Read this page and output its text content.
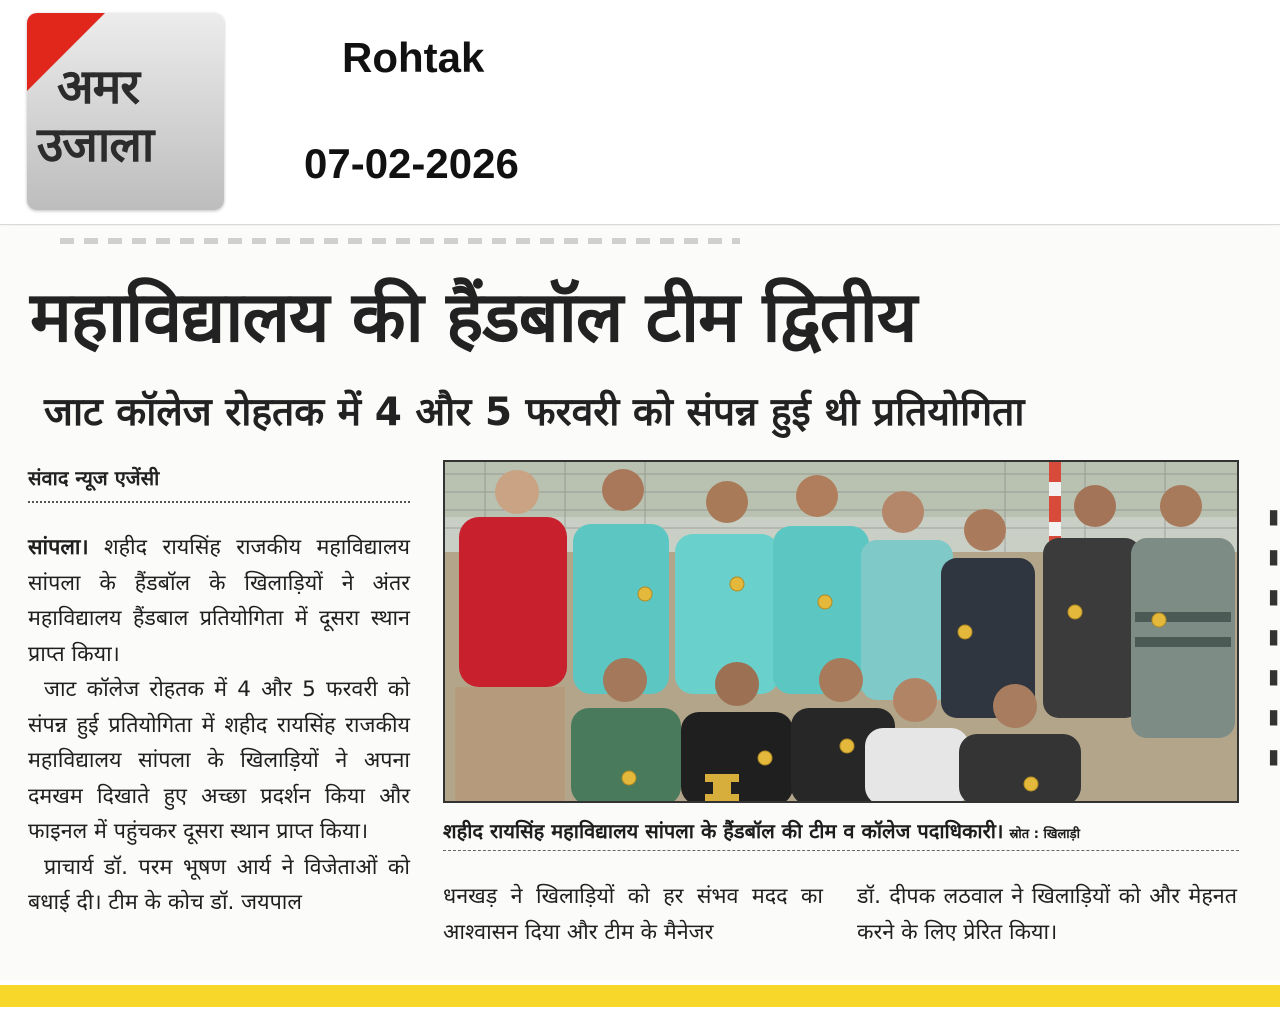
अमर
उजाला
Rohtak
07-02-2026
महाविद्यालय की हैंडबॉल टीम द्वितीय
जाट कॉलेज रोहतक में 4 और 5 फरवरी को संपन्न हुई थी प्रतियोगिता
संवाद न्यूज एजेंसी

सांपला। शहीद रायसिंह राजकीय महाविद्यालय सांपला के हैंडबॉल के खिलाड़ियों ने अंतर महाविद्यालय हैंडबाल प्रतियोगिता में दूसरा स्थान प्राप्त किया।

जाट कॉलेज रोहतक में 4 और 5 फरवरी को संपन्न हुई प्रतियोगिता में शहीद रायसिंह राजकीय महाविद्यालय सांपला के खिलाड़ियों ने अपना दमखम दिखाते हुए अच्छा प्रदर्शन किया और फाइनल में पहुंचकर दूसरा स्थान प्राप्त किया।

प्राचार्य डॉ. परम भूषण आर्य ने विजेताओं को बधाई दी। टीम के कोच डॉ. जयपाल

शहीद रायसिंह महाविद्यालय सांपला के हैंडबॉल की टीम व कॉलेज पदाधिकारी। स्रोत : खिलाड़ी
धनखड़ ने खिलाड़ियों को हर संभव मदद का आश्वासन दिया और टीम के मैनेजर
डॉ. दीपक लठवाल ने खिलाड़ियों को और मेहनत करने के लिए प्रेरित किया।
▮
▮
▮
▮
▮
▮
▮
